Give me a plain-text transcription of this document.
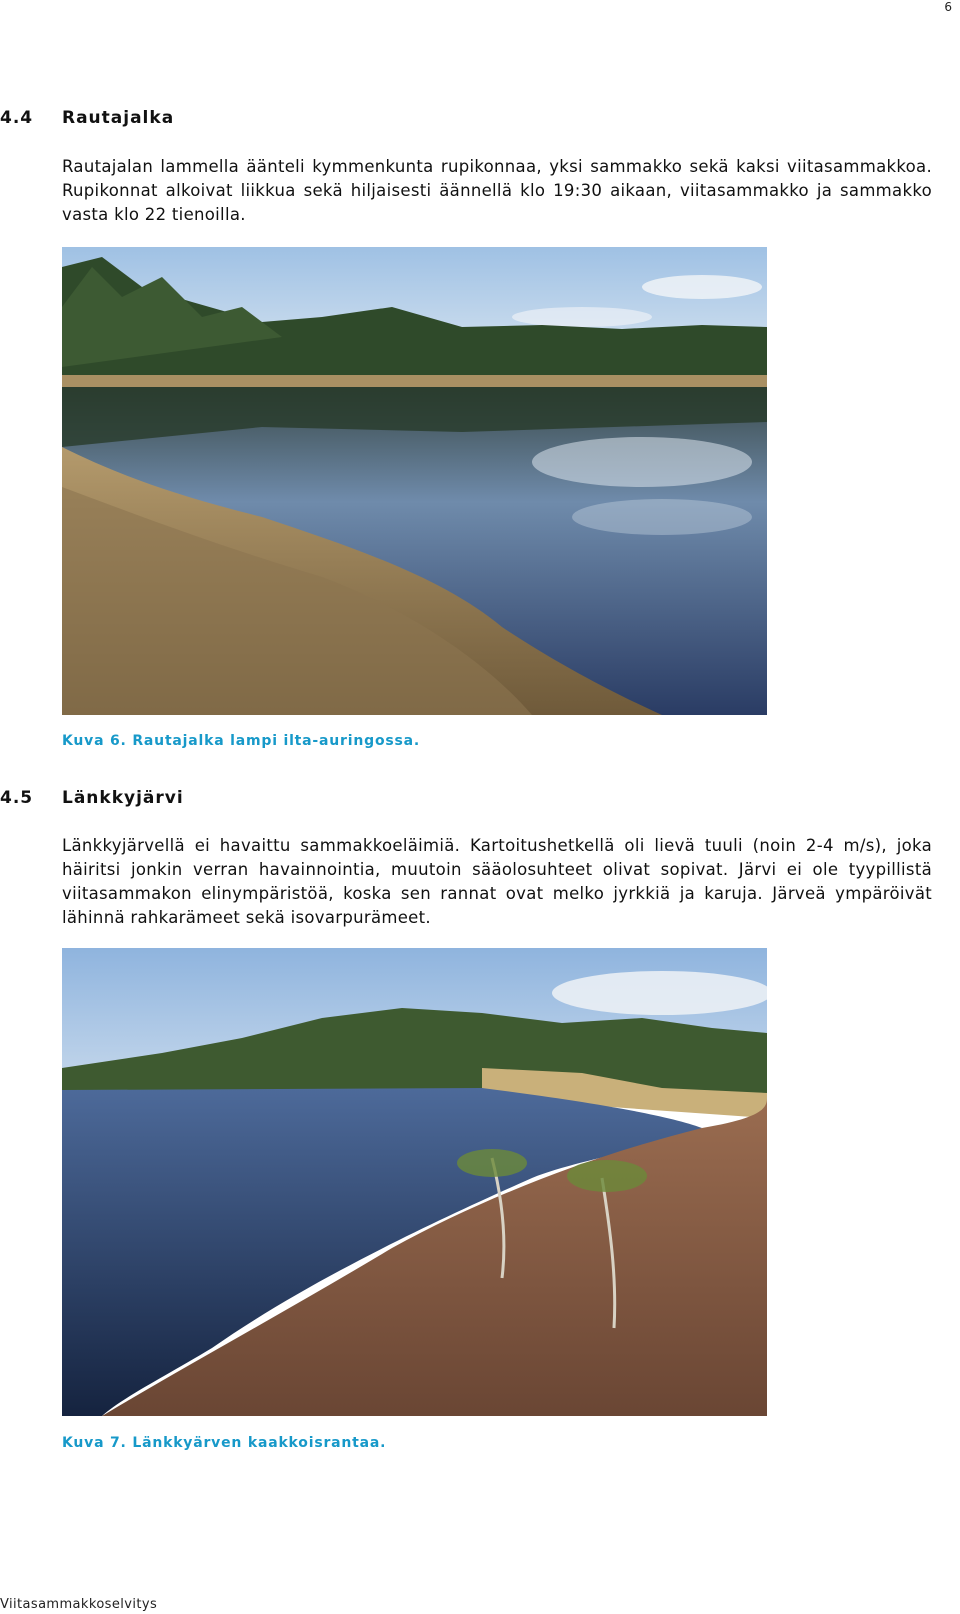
6
4.4 Rautajalka

Rautajalan lammella äänteli kymmenkunta rupikonnaa, yksi sammakko sekä kaksi viitasammakkoa. Rupikonnat alkoivat liikkua sekä hiljaisesti äännellä klo 19:30 aikaan, viitasammakko ja sammakko vasta klo 22 tienoilla.

Kuva 6. Rautajalka lampi ilta-auringossa.
4.5 Länkkyjärvi

Länkkyjärvellä ei havaittu sammakkoeläimiä. Kartoitushetkellä oli lievä tuuli (noin 2-4 m/s), joka häiritsi jonkin verran havainnointia, muutoin sääolosuhteet olivat sopivat. Järvi ei ole tyypillistä viitasammakon elinympäristöä, koska sen rannat ovat melko jyrkkiä ja karuja. Järveä ympäröivät lähinnä rahkarämeet sekä isovarpurämeet.

Kuva 7. Länkkyärven kaakkoisrantaa.
Viitasammakkoselvitys
